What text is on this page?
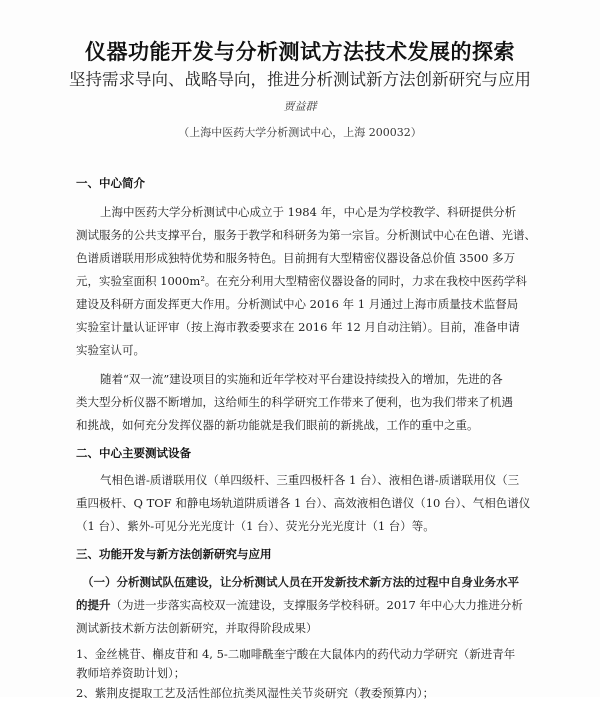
仪器功能开发与分析测试方法技术发展的探索
坚持需求导向、战略导向，推进分析测试新方法创新研究与应用
贾益群
（上海中医药大学分析测试中心，上海 200032）
一、中心简介
上海中医药大学分析测试中心成立于 1984 年，中心是为学校教学、科研提供分析
测试服务的公共支撑平台，服务于教学和科研务为第一宗旨。分析测试中心在色谱、光谱、
色谱质谱联用形成独特优势和服务特色。目前拥有大型精密仪器设备总价值 3500 多万
元，实验室面积 1000m²。在充分利用大型精密仪器设备的同时，力求在我校中医药学科
建设及科研方面发挥更大作用。分析测试中心 2016 年 1 月通过上海市质量技术监督局
实验室计量认证评审（按上海市教委要求在 2016 年 12 月自动注销）。目前，准备申请
实验室认可。
随着“双一流”建设项目的实施和近年学校对平台建设持续投入的增加，先进的各
类大型分析仪器不断增加，这给师生的科学研究工作带来了便利，也为我们带来了机遇
和挑战，如何充分发挥仪器的新功能就是我们眼前的新挑战，工作的重中之重。
二、中心主要测试设备
气相色谱-质谱联用仪（单四级杆、三重四极杆各 1 台）、液相色谱-质谱联用仪（三
重四极杆、Q TOF 和静电场轨道阱质谱各 1 台）、高效液相色谱仪（10 台）、气相色谱仪
（1 台）、紫外-可见分光光度计（1 台）、荧光分光光度计（1 台）等。
三、功能开发与新方法创新研究与应用
（一）分析测试队伍建设，让分析测试人员在开发新技术新方法的过程中自身业务水平
的提升（为进一步落实高校双一流建设，支撑服务学校科研。2017 年中心大力推进分析
测试新技术新方法创新研究，并取得阶段成果）
1、金丝桃苷、槲皮苷和 4, 5-二咖啡酰奎宁酸在大鼠体内的药代动力学研究（新进青年
教师培养资助计划）；
2、紫荆皮提取工艺及活性部位抗类风湿性关节炎研究（教委预算内）；
